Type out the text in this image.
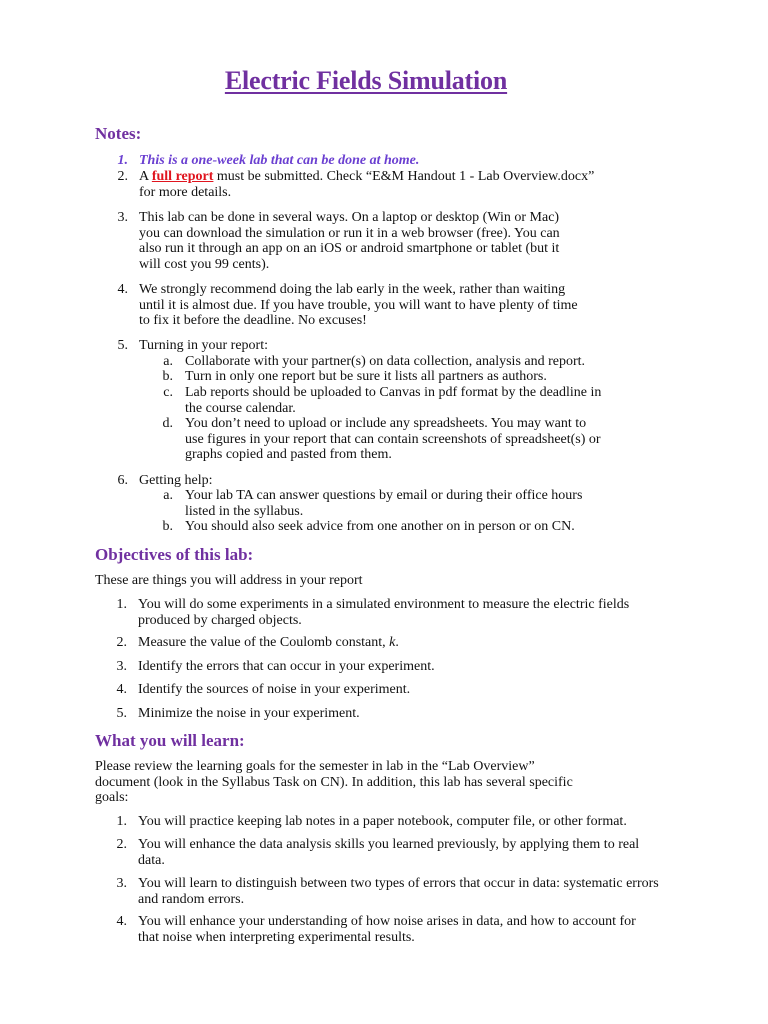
Electric Fields Simulation
Notes:
1. This is a one-week lab that can be done at home.
2. A full report must be submitted. Check “E&M Handout 1 - Lab Overview.docx”
for more details.
3. This lab can be done in several ways. On a laptop or desktop (Win or Mac)
you can download the simulation or run it in a web browser (free). You can
also run it through an app on an iOS or android smartphone or tablet (but it
will cost you 99 cents).
4. We strongly recommend doing the lab early in the week, rather than waiting
until it is almost due. If you have trouble, you will want to have plenty of time
to fix it before the deadline. No excuses!
5. Turning in your report:
a. Collaborate with your partner(s) on data collection, analysis and report.
b. Turn in only one report but be sure it lists all partners as authors.
c. Lab reports should be uploaded to Canvas in pdf format by the deadline in
the course calendar.
d. You don’t need to upload or include any spreadsheets. You may want to
use figures in your report that can contain screenshots of spreadsheet(s) or
graphs copied and pasted from them.
6. Getting help:
a. Your lab TA can answer questions by email or during their office hours
listed in the syllabus.
b. You should also seek advice from one another on in person or on CN.
Objectives of this lab:
These are things you will address in your report
1. You will do some experiments in a simulated environment to measure the electric fields
produced by charged objects.
2. Measure the value of the Coulomb constant, k.
3. Identify the errors that can occur in your experiment.
4. Identify the sources of noise in your experiment.
5. Minimize the noise in your experiment.
What you will learn:
Please review the learning goals for the semester in lab in the “Lab Overview”
document (look in the Syllabus Task on CN). In addition, this lab has several specific
goals:
1. You will practice keeping lab notes in a paper notebook, computer file, or other format.
2. You will enhance the data analysis skills you learned previously, by applying them to real
data.
3. You will learn to distinguish between two types of errors that occur in data: systematic errors
and random errors.
4. You will enhance your understanding of how noise arises in data, and how to account for
that noise when interpreting experimental results.
